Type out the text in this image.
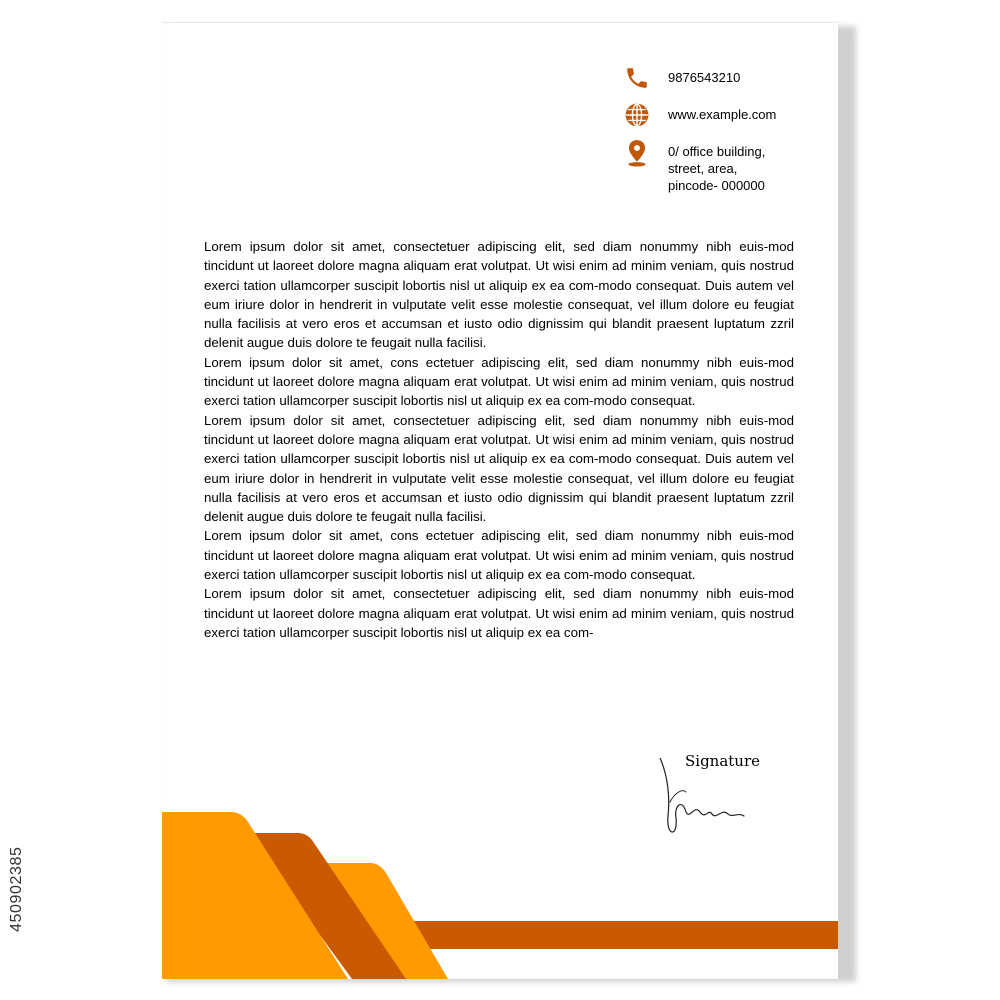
9876543210
www.example.com
0/ office building,
street, area,
pincode- 000000

Lorem ipsum dolor sit amet, consectetuer adipiscing elit, sed diam nonummy nibh euis-mod tincidunt ut laoreet dolore magna aliquam erat volutpat. Ut wisi enim ad minim veniam, quis nostrud exerci tation ullamcorper suscipit lobortis nisl ut aliquip ex ea com-modo consequat. Duis autem vel eum iriure dolor in hendrerit in vulputate velit esse molestie consequat, vel illum dolore eu feugiat nulla facilisis at vero eros et accumsan et iusto odio dignissim qui blandit praesent luptatum zzril delenit augue duis dolore te feugait nulla facilisi.

Lorem ipsum dolor sit amet, cons ectetuer adipiscing elit, sed diam nonummy nibh euis-mod tincidunt ut laoreet dolore magna aliquam erat volutpat. Ut wisi enim ad minim veniam, quis nostrud exerci tation ullamcorper suscipit lobortis nisl ut aliquip ex ea com-modo consequat.

Lorem ipsum dolor sit amet, consectetuer adipiscing elit, sed diam nonummy nibh euis-mod tincidunt ut laoreet dolore magna aliquam erat volutpat. Ut wisi enim ad minim veniam, quis nostrud exerci tation ullamcorper suscipit lobortis nisl ut aliquip ex ea com-modo consequat. Duis autem vel eum iriure dolor in hendrerit in vulputate velit esse molestie consequat, vel illum dolore eu feugiat nulla facilisis at vero eros et accumsan et iusto odio dignissim qui blandit praesent luptatum zzril delenit augue duis dolore te feugait nulla facilisi.

Lorem ipsum dolor sit amet, cons ectetuer adipiscing elit, sed diam nonummy nibh euis-mod tincidunt ut laoreet dolore magna aliquam erat volutpat. Ut wisi enim ad minim veniam, quis nostrud exerci tation ullamcorper suscipit lobortis nisl ut aliquip ex ea com-modo consequat.

Lorem ipsum dolor sit amet, consectetuer adipiscing elit, sed diam nonummy nibh euis-mod tincidunt ut laoreet dolore magna aliquam erat volutpat. Ut wisi enim ad minim veniam, quis nostrud exerci tation ullamcorper suscipit lobortis nisl ut aliquip ex ea com-

Signature
450902385
